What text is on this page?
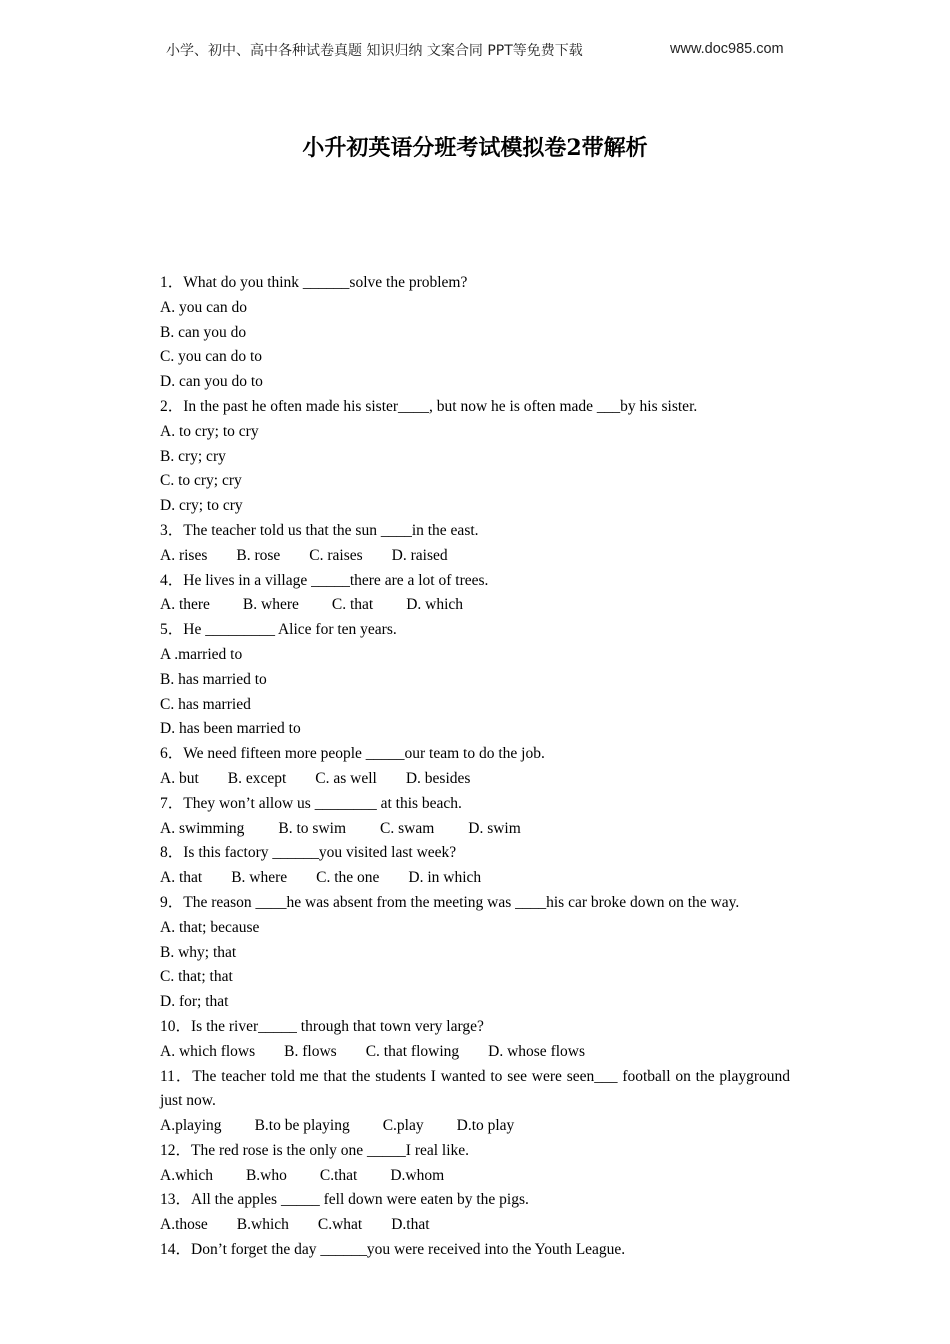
小学、初中、高中各种试卷真题 知识归纳 文案合同 PPT等免费下载	www.doc985.com
小升初英语分班考试模拟卷2带解析
1．What do you think ______solve the problem?
A. you can do
B. can you do
C. you can do to
D. can you do to
2．In the past he often made his sister____, but now he is often made ___by his sister.
A. to cry; to cry
B. cry; cry
C. to cry; cry
D. cry; to cry
3．The teacher told us that the sun ____in the east.
A. rises B. rose C. raises D. raised
4．He lives in a village _____there are a lot of trees.
A. there B. where C. that D. which
5．He _________ Alice for ten years.
A .married to
B. has married to
C. has married
D. has been married to
6．We need fifteen more people _____our team to do the job.
A. but B. except C. as well D. besides
7．They won’t allow us ________ at this beach.
A. swimming B. to swim C. swam D. swim
8．Is this factory ______you visited last week?
A. that B. where C. the one D. in which
9．The reason ____he was absent from the meeting was ____his car broke down on the way.
A. that; because
B. why; that
C. that; that
D. for; that
10．Is the river_____ through that town very large?
A. which flows B. flows C. that flowing D. whose flows
11．The teacher told me that the students I wanted to see were seen___ football on the playground just now.
A.playing B.to be playing C.play D.to play
12．The red rose is the only one _____I real like.
A.which B.who C.that D.whom
13．All the apples _____ fell down were eaten by the pigs.
A.those B.which C.what D.that
14．Don’t forget the day ______you were received into the Youth League.
